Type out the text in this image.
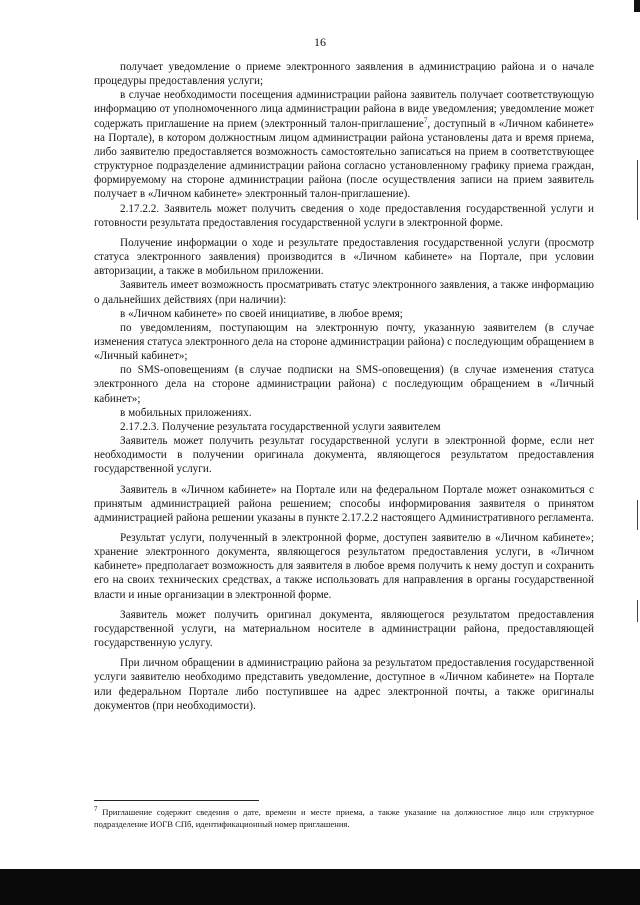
16

получает уведомление о приеме электронного заявления в администрацию района и о начале процедуры предоставления услуги;

в случае необходимости посещения администрации района заявитель получает соответствующую информацию от уполномоченного лица администрации района в виде уведомления; уведомление может содержать приглашение на прием (электронный талон-приглашение$^7$, доступный в «Личном кабинете» на Портале), в котором должностным лицом администрации района установлены дата и время приема, либо заявителю предоставляется возможность самостоятельно записаться на прием в соответствующее структурное подразделение администрации района согласно установленному графику приема граждан, формируемому на стороне администрации района (после осуществления записи на прием заявитель получает в «Личном кабинете» электронный талон-приглашение).

2.17.2.2. Заявитель может получить сведения о ходе предоставления государственной услуги и готовности результата предоставления государственной услуги в электронной форме.

Получение информации о ходе и результате предоставления государственной услуги (просмотр статуса электронного заявления) производится в «Личном кабинете» на Портале, при условии авторизации, а также в мобильном приложении.

Заявитель имеет возможность просматривать статус электронного заявления, а также информацию о дальнейших действиях (при наличии):

в «Личном кабинете» по своей инициативе, в любое время;

по уведомлениям, поступающим на электронную почту, указанную заявителем (в случае изменения статуса электронного дела на стороне администрации района) с последующим обращением в «Личный кабинет»;

по SMS-оповещениям (в случае подписки на SMS-оповещения) (в случае изменения статуса электронного дела на стороне администрации района) с последующим обращением в «Личный кабинет»;

в мобильных приложениях.

2.17.2.3. Получение результата государственной услуги заявителем

Заявитель может получить результат государственной услуги в электронной форме, если нет необходимости в получении оригинала документа, являющегося результатом предоставления государственной услуги.

Заявитель в «Личном кабинете» на Портале или на федеральном Портале может ознакомиться с принятым администрацией района решением; способы информирования заявителя о принятом администрацией района решении указаны в пункте 2.17.2.2 настоящего Административного регламента.

Результат услуги, полученный в электронной форме, доступен заявителю в «Личном кабинете»; хранение электронного документа, являющегося результатом предоставления услуги, в «Личном кабинете» предполагает возможность для заявителя в любое время получить к нему доступ и сохранить его на своих технических средствах, а также использовать для направления в органы государственной власти и иные организации в электронной форме.

Заявитель может получить оригинал документа, являющегося результатом предоставления государственной услуги, на материальном носителе в администрации района, предоставляющей государственную услугу.

При личном обращении в администрацию района за результатом предоставления государственной услуги заявителю необходимо представить уведомление, доступное в «Личном кабинете» на Портале или федеральном Портале либо поступившее на адрес электронной почты, а также оригиналы документов (при необходимости).

$^7$ Приглашение содержит сведения о дате, времени и месте приема, а также указание на должностное лицо или структурное подразделение ИОГВ СПб, идентификационный номер приглашения.
